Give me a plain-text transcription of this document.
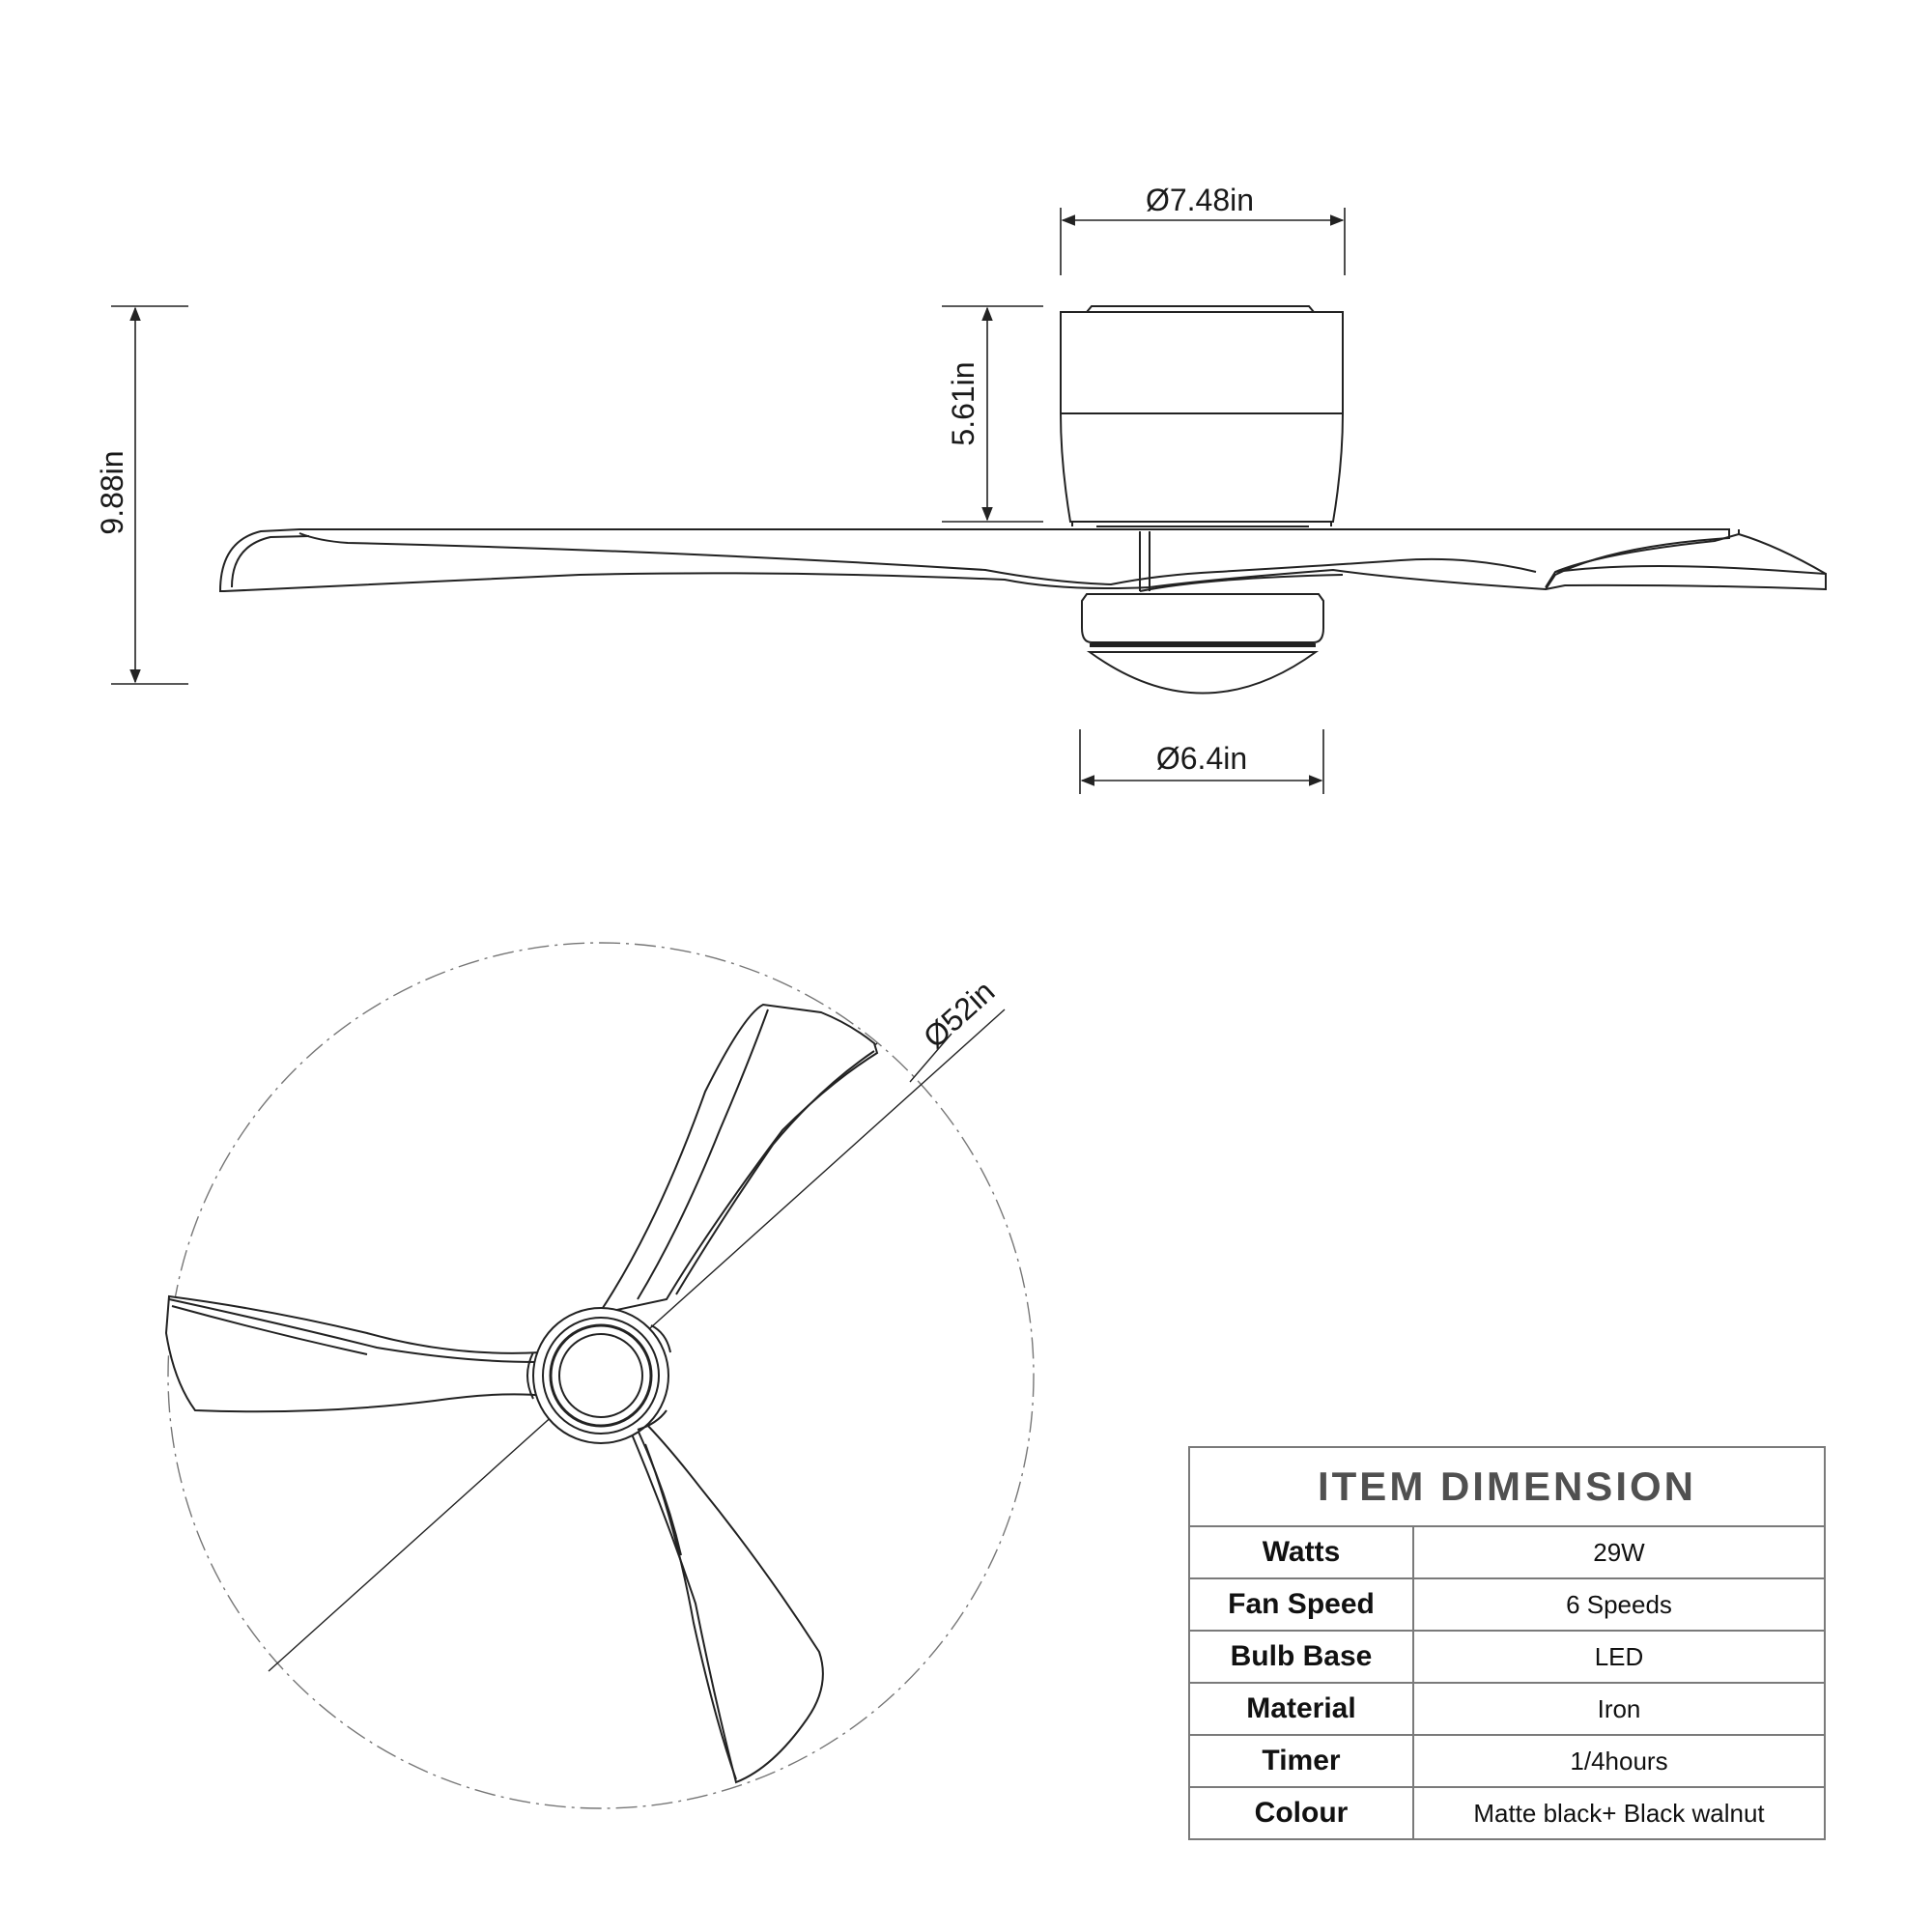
Ø7.48in
5.61in
9.88in
Ø6.4in
Ø52in
ITEM DIMENSION	
Watts	29W
Fan Speed	6 Speeds
Bulb Base	LED
Material	Iron
Timer	1/4hours
Colour	Matte black+ Black walnut
